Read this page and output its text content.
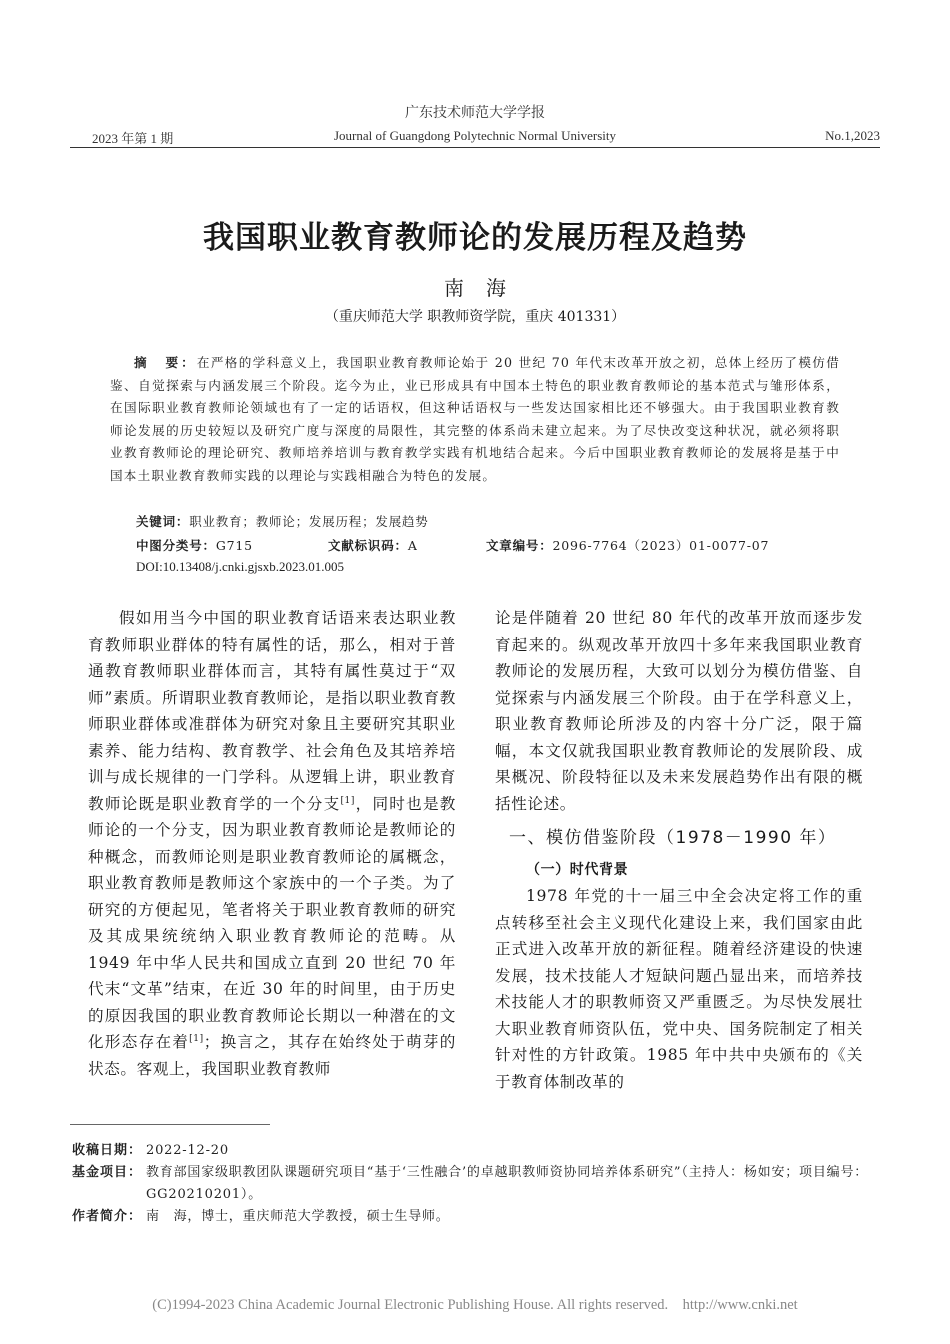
广东技术师范大学学报
2023 年第 1 期	Journal of Guangdong Polytechnic Normal University	No.1,2023
我国职业教育教师论的发展历程及趋势
南海
（重庆师范大学 职教师资学院，重庆 401331）

摘　要：在严格的学科意义上，我国职业教育教师论始于 20 世纪 70 年代末改革开放之初，总体上经历了模仿借鉴、自觉探索与内涵发展三个阶段。迄今为止，业已形成具有中国本土特色的职业教育教师论的基本范式与雏形体系，在国际职业教育教师论领域也有了一定的话语权，但这种话语权与一些发达国家相比还不够强大。由于我国职业教育教师论发展的历史较短以及研究广度与深度的局限性，其完整的体系尚未建立起来。为了尽快改变这种状况，就必须将职业教育教师论的理论研究、教师培养培训与教育教学实践有机地结合起来。今后中国职业教育教师论的发展将是基于中国本土职业教育教师实践的以理论与实践相融合为特色的发展。

关键词：职业教育；教师论；发展历程；发展趋势
中图分类号：G715	文献标识码：A	文章编号：2096-7764（2023）01-0077-07
DOI:10.13408/j.cnki.gjsxb.2023.01.005

假如用当今中国的职业教育话语来表达职业教育教师职业群体的特有属性的话，那么，相对于普通教育教师职业群体而言，其特有属性莫过于“双师”素质。所谓职业教育教师论，是指以职业教育教师职业群体或准群体为研究对象且主要研究其职业素养、能力结构、教育教学、社会角色及其培养培训与成长规律的一门学科。从逻辑上讲，职业教育教师论既是职业教育学的一个分支[1]，同时也是教师论的一个分支，因为职业教育教师论是教师论的种概念，而教师论则是职业教育教师论的属概念，职业教育教师是教师这个家族中的一个子类。为了研究的方便起见，笔者将关于职业教育教师的研究及其成果统统纳入职业教育教师论的范畴。从 1949 年中华人民共和国成立直到 20 世纪 70 年代末“文革”结束，在近 30 年的时间里，由于历史的原因我国的职业教育教师论长期以一种潜在的文化形态存在着[1]；换言之，其存在始终处于萌芽的状态。客观上，我国职业教育教师

论是伴随着 20 世纪 80 年代的改革开放而逐步发育起来的。纵观改革开放四十多年来我国职业教育教师论的发展历程，大致可以划分为模仿借鉴、自觉探索与内涵发展三个阶段。由于在学科意义上，职业教育教师论所涉及的内容十分广泛，限于篇幅，本文仅就我国职业教育教师论的发展阶段、成果概况、阶段特征以及未来发展趋势作出有限的概括性论述。

一、模仿借鉴阶段（1978－1990 年）
（一）时代背景

1978 年党的十一届三中全会决定将工作的重点转移至社会主义现代化建设上来，我们国家由此正式进入改革开放的新征程。随着经济建设的快速发展，技术技能人才短缺问题凸显出来，而培养技术技能人才的职教师资又严重匮乏。为尽快发展壮大职业教育师资队伍，党中央、国务院制定了相关针对性的方针政策。1985 年中共中央颁布的《关于教育体制改革的

收稿日期： 2022-12-20
基金项目： 教育部国家级职教团队课题研究项目“基于‘三性融合’的卓越职教师资协同培养体系研究”（主持人：杨如安；项目编号：GG20210201）。
作者简介： 南　海，博士，重庆师范大学教授，硕士生导师。
(C)1994-2023 China Academic Journal Electronic Publishing House. All rights reserved.    http://www.cnki.net
